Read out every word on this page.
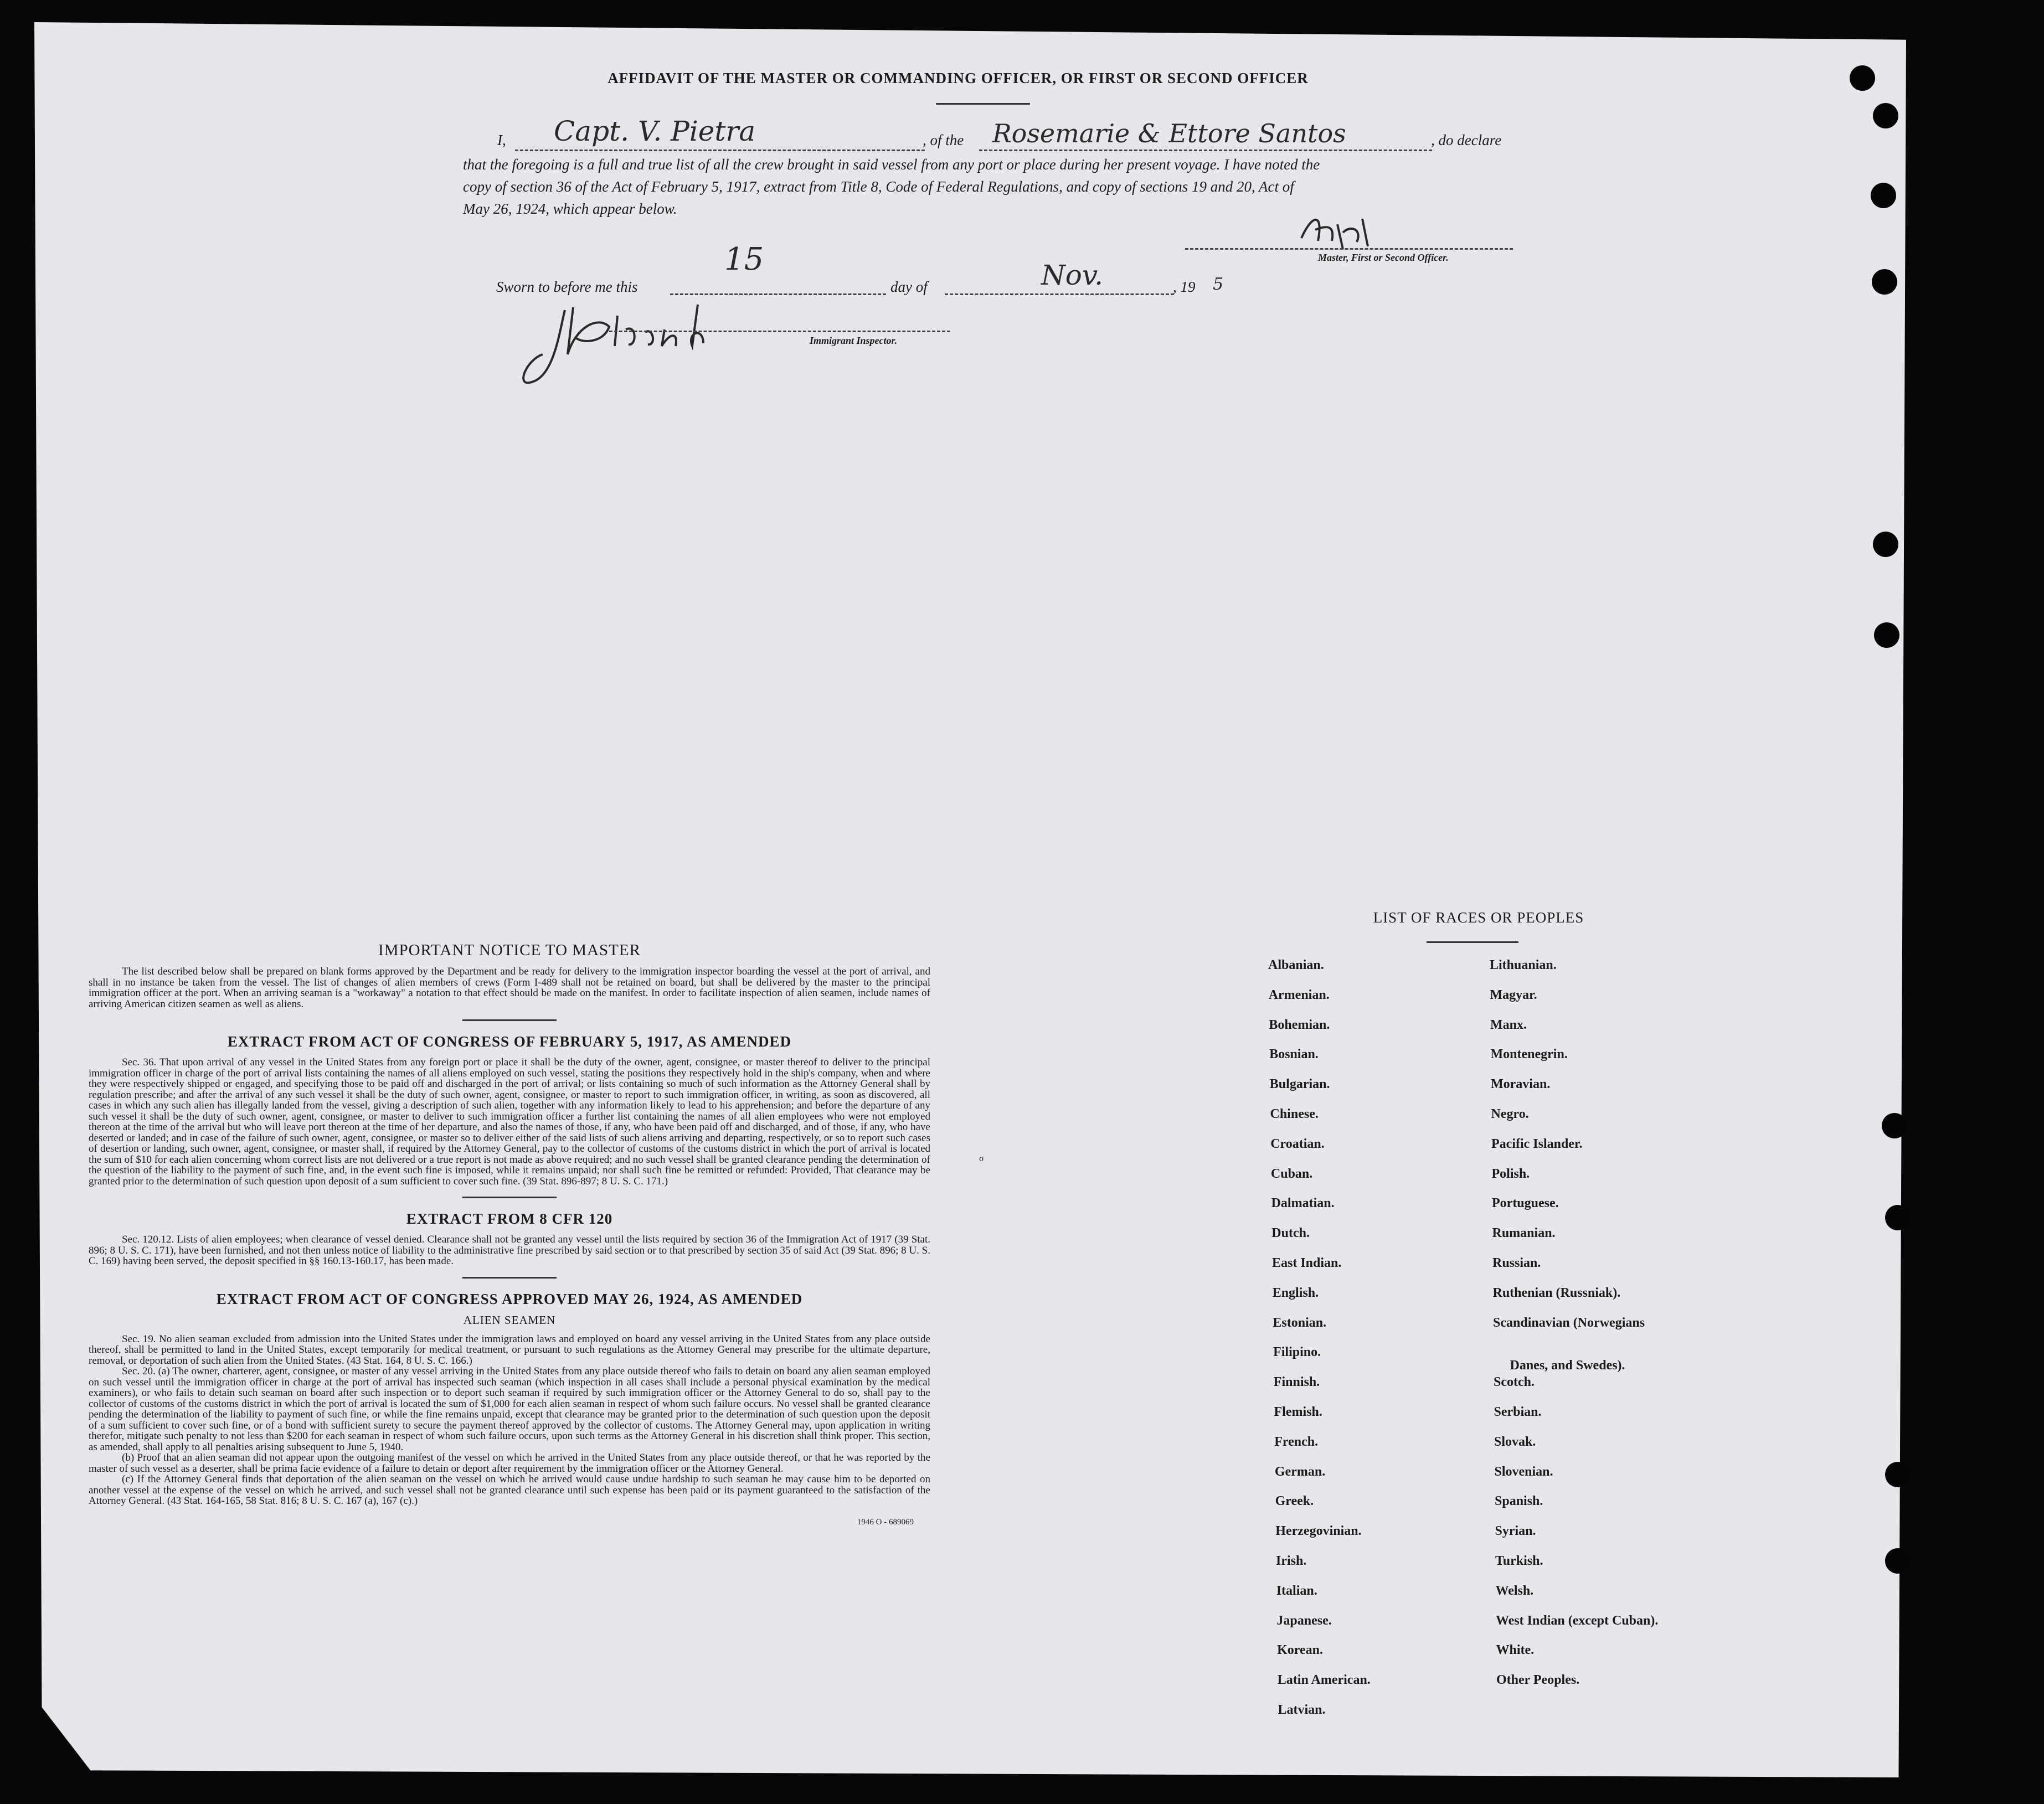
AFFIDAVIT OF THE MASTER OR COMMANDING OFFICER, OR FIRST OR SECOND OFFICER
I, Capt. V. Pietra	, of the Rosemarie & Ettore Santos	, do declare
that the foregoing is a full and true list of all the crew brought in said vessel from any port or place during her present voyage. I have noted the
copy of section 36 of the Act of February 5, 1917, extract from Title 8, Code of Federal Regulations, and copy of sections 19 and 20, Act of
May 26, 1924, which appear below.
Master, First or Second Officer.
Sworn to before me this
15
day of	Nov.	, 19 5
Immigrant Inspector.
σ
IMPORTANT NOTICE TO MASTER
The list described below shall be prepared on blank forms approved by the Department and be ready for delivery to the immigration inspector boarding the vessel at the port of arrival, and shall in no instance be taken from the vessel. The list of changes of alien members of crews (Form I-489 shall not be retained on board, but shall be delivered by the master to the principal immigration officer at the port. When an arriving seaman is a "workaway" a notation to that effect should be made on the manifest. In order to facilitate inspection of alien seamen, include names of arriving American citizen seamen as well as aliens.
EXTRACT FROM ACT OF CONGRESS OF FEBRUARY 5, 1917, AS AMENDED
Sec. 36. That upon arrival of any vessel in the United States from any foreign port or place it shall be the duty of the owner, agent, consignee, or master thereof to deliver to the principal immigration officer in charge of the port of arrival lists containing the names of all aliens employed on such vessel, stating the positions they respectively hold in the ship's company, when and where they were respectively shipped or engaged, and specifying those to be paid off and discharged in the port of arrival; or lists containing so much of such information as the Attorney General shall by regulation prescribe; and after the arrival of any such vessel it shall be the duty of such owner, agent, consignee, or master to report to such immigration officer, in writing, as soon as discovered, all cases in which any such alien has illegally landed from the vessel, giving a description of such alien, together with any information likely to lead to his apprehension; and before the departure of any such vessel it shall be the duty of such owner, agent, consignee, or master to deliver to such immigration officer a further list containing the names of all alien employees who were not employed thereon at the time of the arrival but who will leave port thereon at the time of her departure, and also the names of those, if any, who have been paid off and discharged, and of those, if any, who have deserted or landed; and in case of the failure of such owner, agent, consignee, or master so to deliver either of the said lists of such aliens arriving and departing, respectively, or so to report such cases of desertion or landing, such owner, agent, consignee, or master shall, if required by the Attorney General, pay to the collector of customs of the customs district in which the port of arrival is located the sum of $10 for each alien concerning whom correct lists are not delivered or a true report is not made as above required; and no such vessel shall be granted clearance pending the determination of the question of the liability to the payment of such fine, and, in the event such fine is imposed, while it remains unpaid; nor shall such fine be remitted or refunded: Provided, That clearance may be granted prior to the determination of such question upon deposit of a sum sufficient to cover such fine. (39 Stat. 896-897; 8 U. S. C. 171.)
EXTRACT FROM 8 CFR 120
Sec. 120.12. Lists of alien employees; when clearance of vessel denied. Clearance shall not be granted any vessel until the lists required by section 36 of the Immigration Act of 1917 (39 Stat. 896; 8 U. S. C. 171), have been furnished, and not then unless notice of liability to the administrative fine prescribed by said section or to that prescribed by section 35 of said Act (39 Stat. 896; 8 U. S. C. 169) having been served, the deposit specified in §§ 160.13-160.17, has been made.
EXTRACT FROM ACT OF CONGRESS APPROVED MAY 26, 1924, AS AMENDED
ALIEN SEAMEN
Sec. 19. No alien seaman excluded from admission into the United States under the immigration laws and employed on board any vessel arriving in the United States from any place outside thereof, shall be permitted to land in the United States, except temporarily for medical treatment, or pursuant to such regulations as the Attorney General may prescribe for the ultimate departure, removal, or deportation of such alien from the United States. (43 Stat. 164, 8 U. S. C. 166.)
Sec. 20. (a) The owner, charterer, agent, consignee, or master of any vessel arriving in the United States from any place outside thereof who fails to detain on board any alien seaman employed on such vessel until the immigration officer in charge at the port of arrival has inspected such seaman (which inspection in all cases shall include a personal physical examination by the medical examiners), or who fails to detain such seaman on board after such inspection or to deport such seaman if required by such immigration officer or the Attorney General to do so, shall pay to the collector of customs of the customs district in which the port of arrival is located the sum of $1,000 for each alien seaman in respect of whom such failure occurs. No vessel shall be granted clearance pending the determination of the liability to payment of such fine, or while the fine remains unpaid, except that clearance may be granted prior to the determination of such question upon the deposit of a sum sufficient to cover such fine, or of a bond with sufficient surety to secure the payment thereof approved by the collector of customs. The Attorney General may, upon application in writing therefor, mitigate such penalty to not less than $200 for each seaman in respect of whom such failure occurs, upon such terms as the Attorney General in his discretion shall think proper. This section, as amended, shall apply to all penalties arising subsequent to June 5, 1940.
(b) Proof that an alien seaman did not appear upon the outgoing manifest of the vessel on which he arrived in the United States from any place outside thereof, or that he was reported by the master of such vessel as a deserter, shall be prima facie evidence of a failure to detain or deport after requirement by the immigration officer or the Attorney General.
(c) If the Attorney General finds that deportation of the alien seaman on the vessel on which he arrived would cause undue hardship to such seaman he may cause him to be deported on another vessel at the expense of the vessel on which he arrived, and such vessel shall not be granted clearance until such expense has been paid or its payment guaranteed to the satisfaction of the Attorney General. (43 Stat. 164-165, 58 Stat. 816; 8 U. S. C. 167 (a), 167 (c).)
1946 O - 689069
LIST OF RACES OR PEOPLES
Albanian.
Armenian.
Bohemian.
Bosnian.
Bulgarian.
Chinese.
Croatian.
Cuban.
Dalmatian.
Dutch.
East Indian.
English.
Estonian.
Filipino.
Finnish.
Flemish.
French.
German.
Greek.
Herzegovinian.
Irish.
Italian.
Japanese.
Korean.
Latin American.
Latvian.
Lithuanian.
Magyar.
Manx.
Montenegrin.
Moravian.
Negro.
Pacific Islander.
Polish.
Portuguese.
Rumanian.
Russian.
Ruthenian (Russniak).
Scandinavian (Norwegians
Danes, and Swedes).
Scotch.
Serbian.
Slovak.
Slovenian.
Spanish.
Syrian.
Turkish.
Welsh.
West Indian (except Cuban).
White.
Other Peoples.
